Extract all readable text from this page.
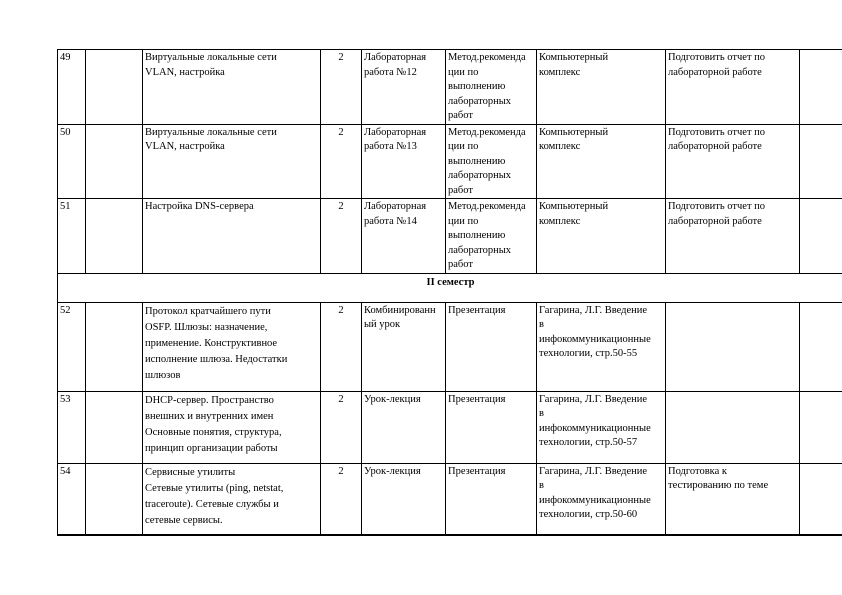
49		Виртуальные локальные сети
VLAN, настройка	2	Лабораторная
работа №12	Метод.рекоменда
ции по
выполнению
лабораторных
работ	Компьютерный
комплекс	Подготовить отчет по
лабораторной работе	

50		Виртуальные локальные сети
VLAN, настройка	2	Лабораторная
работа №13	Метод.рекоменда
ции по
выполнению
лабораторных
работ	Компьютерный
комплекс	Подготовить отчет по
лабораторной работе	

51		Настройка DNS-сервера	2	Лабораторная
работа №14	Метод.рекоменда
ции по
выполнению
лабораторных
работ	Компьютерный
комплекс	Подготовить отчет по
лабораторной работе	

II семестр								
52		Протокол кратчайшего пути
OSFP. Шлюзы: назначение,
применение. Конструктивное
исполнение шлюза. Недостатки
шлюзов	2	Комбинированн
ый урок	Презентация	Гагарина, Л.Г. Введение
в
инфокоммуникационные
технологии, стр.50-55		

53		DHCP-сервер. Пространство
внешних и внутренних имен
Основные понятия, структура,
принцип организации работы	2	Урок-лекция	Презентация	Гагарина, Л.Г. Введение
в
инфокоммуникационные
технологии, стр.50-57		

54		Сервисные утилиты
Сетевые утилиты (ping, netstat,
traceroute). Сетевые службы и
сетевые сервисы.	2	Урок-лекция	Презентация	Гагарина, Л.Г. Введение
в
инфокоммуникационные
технологии, стр.50-60	Подготовка к
тестированию по теме	
